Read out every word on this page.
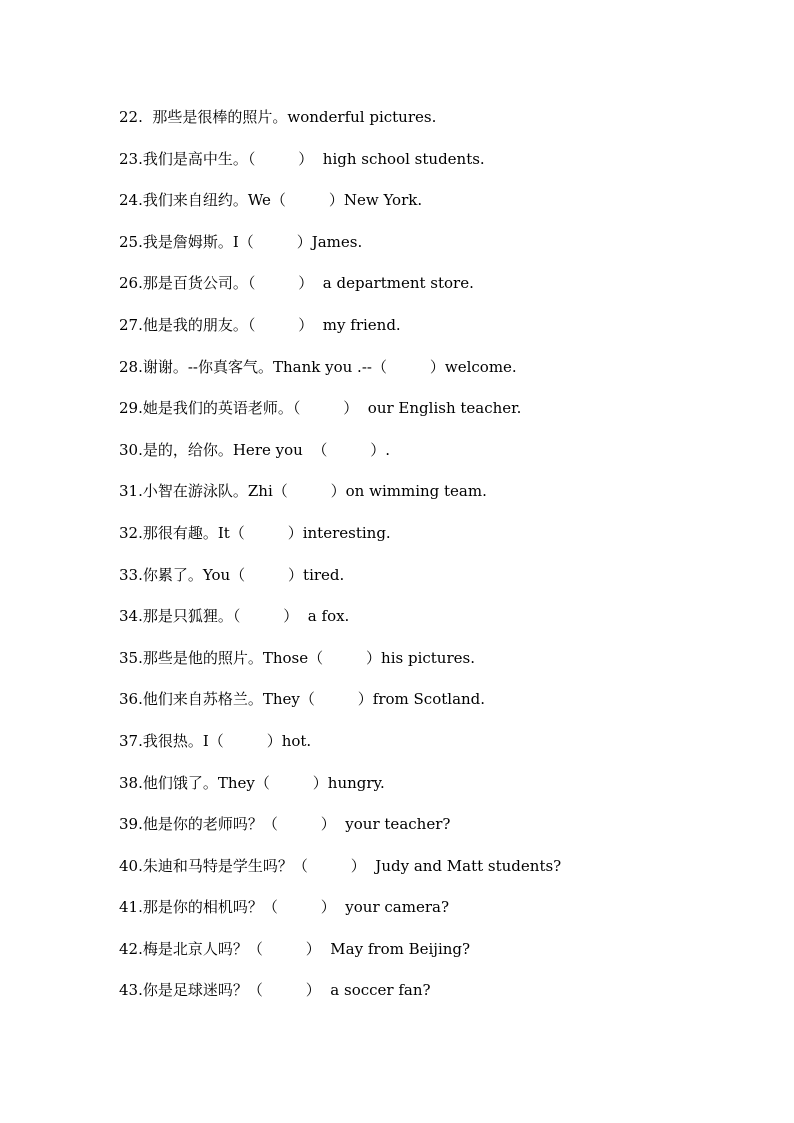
22.  那些是很棒的照片。wonderful pictures.
23.我们是高中生。（         ）  high school students.
24.我们来自纽约。We（         ）New York.
25.我是詹姆斯。I（         ）James.
26.那是百货公司。（         ）  a department store.
27.他是我的朋友。（         ）  my friend.
28.谢谢。--你真客气。Thank you .--（         ）welcome.
29.她是我们的英语老师。（         ）  our English teacher.
30.是的，给你。Here you  （         ）.
31.小智在游泳队。Zhi（         ）on wimming team.
32.那很有趣。It（         ）interesting.
33.你累了。You（         ）tired.
34.那是只狐狸。（         ）  a fox.
35.那些是他的照片。Those（         ）his pictures.
36.他们来自苏格兰。They（         ）from Scotland.
37.我很热。I（         ）hot.
38.他们饿了。They（         ）hungry.
39.他是你的老师吗？（         ）  your teacher?
40.朱迪和马特是学生吗？（         ）  Judy and Matt students?
41.那是你的相机吗？（         ）  your camera?
42.梅是北京人吗？（         ）  May from Beijing?
43.你是足球迷吗？（         ）  a soccer fan?
